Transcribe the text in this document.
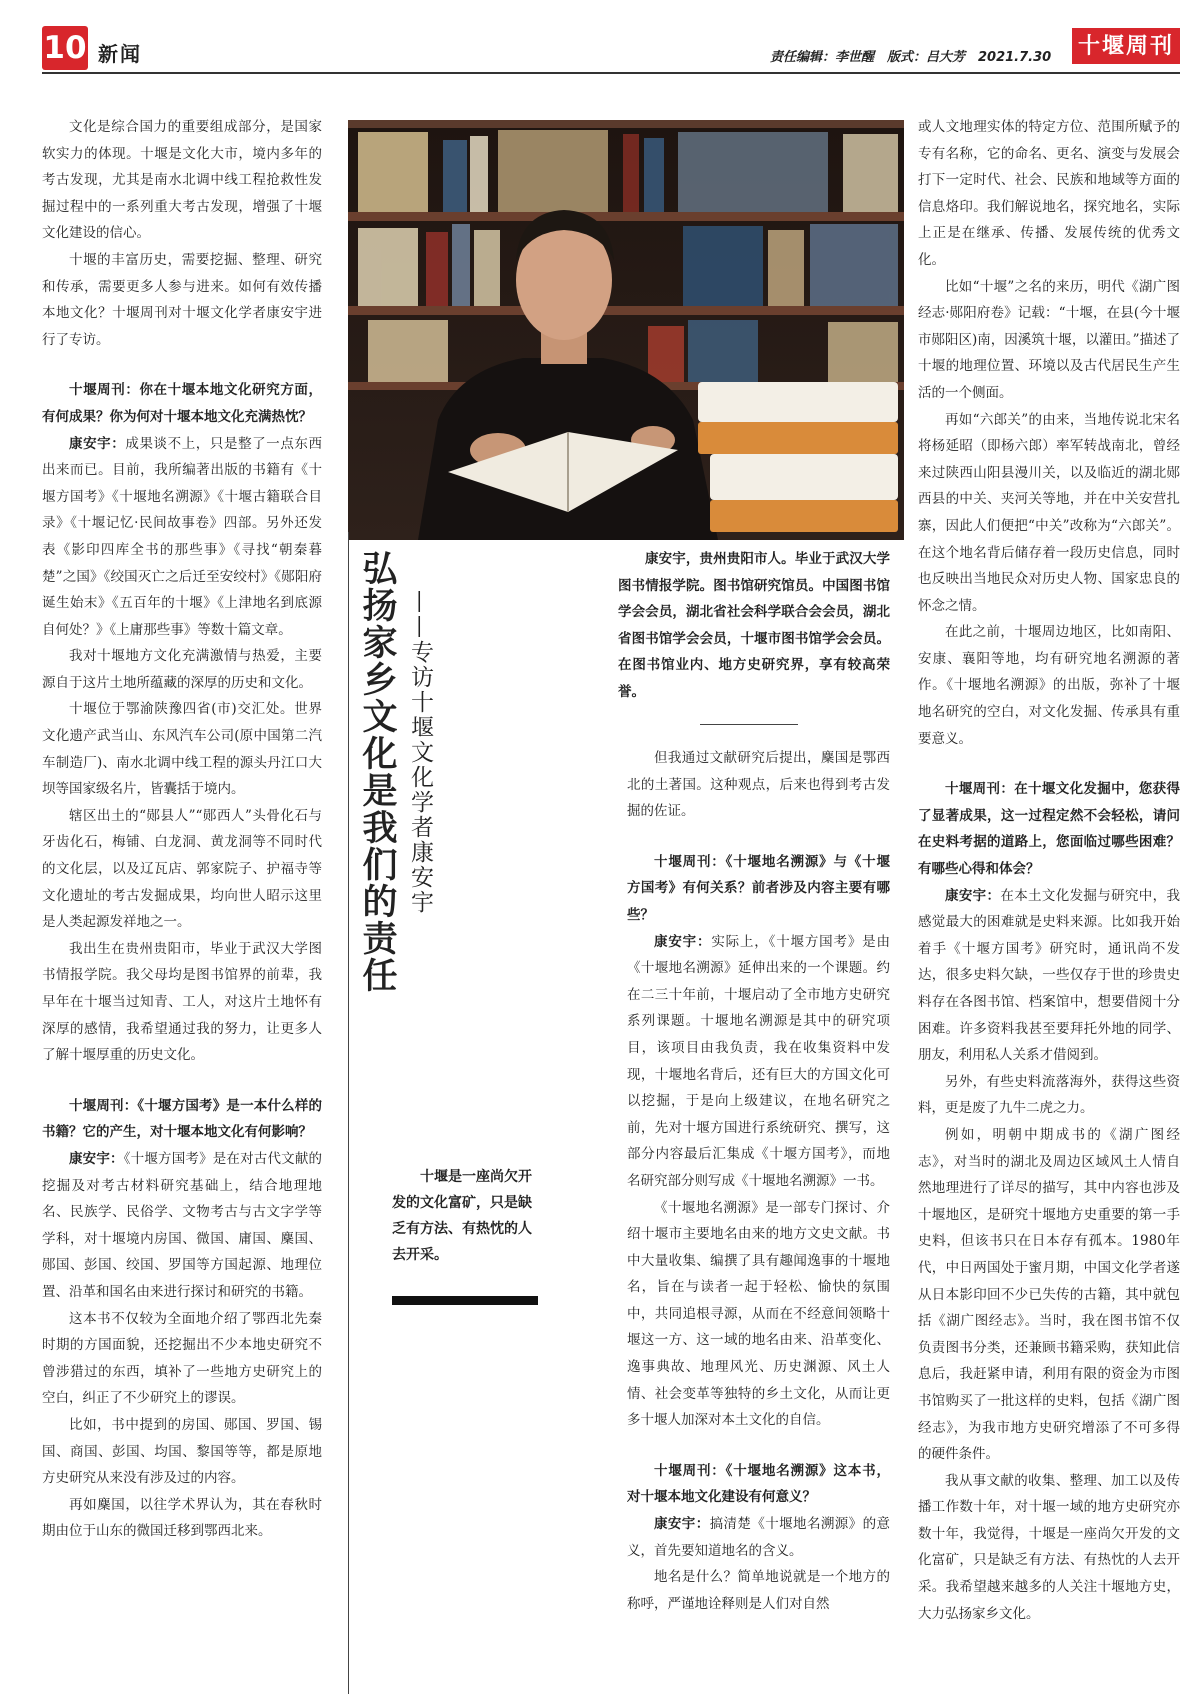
10 新闻	责任编辑：李世醒　版式：吕大芳　2021.7.30 十堰周刊

文化是综合国力的重要组成部分，是国家软实力的体现。十堰是文化大市，境内多年的考古发现，尤其是南水北调中线工程抢救性发掘过程中的一系列重大考古发现，增强了十堰文化建设的信心。

十堰的丰富历史，需要挖掘、整理、研究和传承，需要更多人参与进来。如何有效传播本地文化？十堰周刊对十堰文化学者康安宇进行了专访。

十堰周刊：你在十堰本地文化研究方面，有何成果？你为何对十堰本地文化充满热忱？

康安宇：成果谈不上，只是整了一点东西出来而已。目前，我所编著出版的书籍有《十堰方国考》《十堰地名溯源》《十堰古籍联合目录》《十堰记忆·民间故事卷》四部。另外还发表《影印四库全书的那些事》《寻找“朝秦暮楚”之国》《绞国灭亡之后迁至安绞村》《郧阳府诞生始末》《五百年的十堰》《上津地名到底源自何处？》《上庸那些事》等数十篇文章。

我对十堰地方文化充满激情与热爱，主要源自于这片土地所蕴藏的深厚的历史和文化。

十堰位于鄂渝陕豫四省(市)交汇处。世界文化遗产武当山、东风汽车公司(原中国第二汽车制造厂)、南水北调中线工程的源头丹江口大坝等国家级名片，皆囊括于境内。

辖区出土的“郧县人”“郧西人”头骨化石与牙齿化石，梅铺、白龙洞、黄龙洞等不同时代的文化层，以及辽瓦店、郭家院子、护福寺等文化遗址的考古发掘成果，均向世人昭示这里是人类起源发祥地之一。

我出生在贵州贵阳市，毕业于武汉大学图书情报学院。我父母均是图书馆界的前辈，我早年在十堰当过知青、工人，对这片土地怀有深厚的感情，我希望通过我的努力，让更多人了解十堰厚重的历史文化。

十堰周刊：《十堰方国考》是一本什么样的书籍？它的产生，对十堰本地文化有何影响？

康安宇：《十堰方国考》是在对古代文献的挖掘及对考古材料研究基础上，结合地理地名、民族学、民俗学、文物考古与古文字学等学科，对十堰境内房国、微国、庸国、麇国、郧国、彭国、绞国、罗国等方国起源、地理位置、沿革和国名由来进行探讨和研究的书籍。

这本书不仅较为全面地介绍了鄂西北先秦时期的方国面貌，还挖掘出不少本地史研究不曾涉猎过的东西，填补了一些地方史研究上的空白，纠正了不少研究上的谬误。

比如，书中提到的房国、郧国、罗国、锡国、商国、彭国、均国、黎国等等，都是原地方史研究从来没有涉及过的内容。

再如麇国，以往学术界认为，其在春秋时期由位于山东的微国迁移到鄂西北来。

弘扬家乡文化是我们的责任 ——专访十堰文化学者康安宇

康安宇，贵州贵阳市人。毕业于武汉大学图书情报学院。图书馆研究馆员。中国图书馆学会会员，湖北省社会科学联合会会员，湖北省图书馆学会会员，十堰市图书馆学会会员。在图书馆业内、地方史研究界，享有较高荣誉。

十堰是一座尚欠开发的文化富矿，只是缺乏有方法、有热忱的人去开采。

但我通过文献研究后提出，麇国是鄂西北的土著国。这种观点，后来也得到考古发掘的佐证。

十堰周刊：《十堰地名溯源》与《十堰方国考》有何关系？前者涉及内容主要有哪些？

康安宇：实际上，《十堰方国考》是由《十堰地名溯源》延伸出来的一个课题。约在二三十年前，十堰启动了全市地方史研究系列课题。十堰地名溯源是其中的研究项目，该项目由我负责，我在收集资料中发现，十堰地名背后，还有巨大的方国文化可以挖掘，于是向上级建议，在地名研究之前，先对十堰方国进行系统研究、撰写，这部分内容最后汇集成《十堰方国考》，而地名研究部分则写成《十堰地名溯源》一书。

《十堰地名溯源》是一部专门探讨、介绍十堰市主要地名由来的地方文史文献。书中大量收集、编撰了具有趣闻逸事的十堰地名，旨在与读者一起于轻松、愉快的氛围中，共同追根寻源，从而在不经意间领略十堰这一方、这一域的地名由来、沿革变化、逸事典故、地理风光、历史渊源、风土人情、社会变革等独特的乡土文化，从而让更多十堰人加深对本土文化的自信。

十堰周刊：《十堰地名溯源》这本书，对十堰本地文化建设有何意义？

康安宇：搞清楚《十堰地名溯源》的意义，首先要知道地名的含义。

地名是什么？简单地说就是一个地方的称呼，严谨地诠释则是人们对自然

或人文地理实体的特定方位、范围所赋予的专有名称，它的命名、更名、演变与发展会打下一定时代、社会、民族和地域等方面的信息烙印。我们解说地名，探究地名，实际上正是在继承、传播、发展传统的优秀文化。

比如“十堰”之名的来历，明代《湖广图经志·郧阳府卷》记载：“十堰，在县(今十堰市郧阳区)南，因溪筑十堰，以灌田。”描述了十堰的地理位置、环境以及古代居民生产生活的一个侧面。

再如“六郎关”的由来，当地传说北宋名将杨延昭（即杨六郎）率军转战南北，曾经来过陕西山阳县漫川关，以及临近的湖北郧西县的中关、夹河关等地，并在中关安营扎寨，因此人们便把“中关”改称为“六郎关”。在这个地名背后储存着一段历史信息，同时也反映出当地民众对历史人物、国家忠良的怀念之情。

在此之前，十堰周边地区，比如南阳、安康、襄阳等地，均有研究地名溯源的著作。《十堰地名溯源》的出版，弥补了十堰地名研究的空白，对文化发掘、传承具有重要意义。

十堰周刊：在十堰文化发掘中，您获得了显著成果，这一过程定然不会轻松，请问在史料考据的道路上，您面临过哪些困难？有哪些心得和体会？

康安宇：在本土文化发掘与研究中，我感觉最大的困难就是史料来源。比如我开始着手《十堰方国考》研究时，通讯尚不发达，很多史料欠缺，一些仅存于世的珍贵史料存在各图书馆、档案馆中，想要借阅十分困难。许多资料我甚至要拜托外地的同学、朋友，利用私人关系才借阅到。

另外，有些史料流落海外，获得这些资料，更是废了九牛二虎之力。

例如，明朝中期成书的《湖广图经志》，对当时的湖北及周边区域风土人情自然地理进行了详尽的描写，其中内容也涉及十堰地区，是研究十堰地方史重要的第一手史料，但该书只在日本存有孤本。1980年代，中日两国处于蜜月期，中国文化学者遂从日本影印回不少已失传的古籍，其中就包括《湖广图经志》。当时，我在图书馆不仅负责图书分类，还兼顾书籍采购，获知此信息后，我赶紧申请，利用有限的资金为市图书馆购买了一批这样的史料，包括《湖广图经志》，为我市地方史研究增添了不可多得的硬件条件。

我从事文献的收集、整理、加工以及传播工作数十年，对十堰一域的地方史研究亦数十年，我觉得，十堰是一座尚欠开发的文化富矿，只是缺乏有方法、有热忱的人去开采。我希望越来越多的人关注十堰地方史，大力弘扬家乡文化。
